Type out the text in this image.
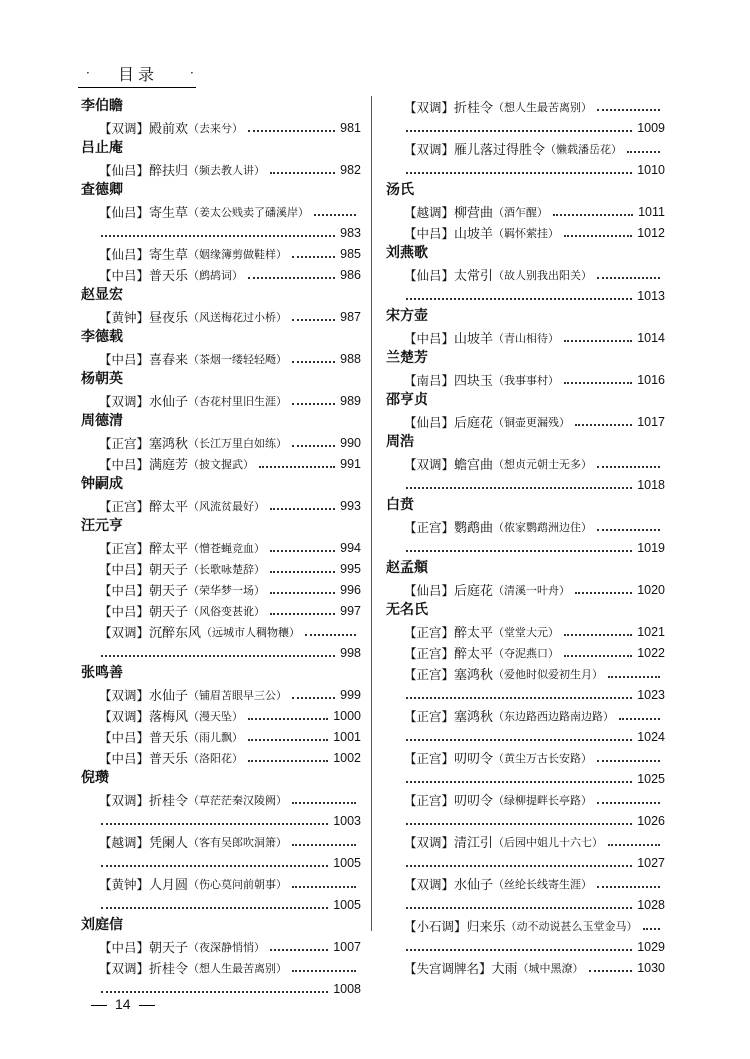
· 目录	·
李伯瞻
【双调】 殿前欢 （去来兮）	981
吕止庵
【仙吕】 醉扶归 （频去教人讲）	982
查德卿
【仙吕】 寄生草 （姜太公贱卖了磻溪岸）
983
【仙吕】 寄生草 （姻缘簿剪做鞋样）	985
【中吕】 普天乐 （鹧鸪词）	986
赵显宏
【黄钟】 昼夜乐 （风送梅花过小桥）	987
李德载
【中吕】 喜春来 （茶烟一缕轻轻飏）	988
杨朝英
【双调】 水仙子 （杏花村里旧生涯）	989
周德清
【正宫】 塞鸿秋 （长江万里白如练）	990
【中吕】 满庭芳 （披文握武）	991
钟嗣成
【正宫】 醉太平 （风流贫最好）	993
汪元亨
【正宫】 醉太平 （憎苍蝇竞血）	994
【中吕】 朝天子 （长歌咏楚辞）	995
【中吕】 朝天子 （荣华梦一场）	996
【中吕】 朝天子 （风俗变甚讹）	997
【双调】 沉醉东风 （远城市人稠物穰）
998
张鸣善
【双调】 水仙子 （铺眉苫眼早三公）	999
【双调】 落梅风 （漫天坠）	1000
【中吕】 普天乐 （雨儿飘）	1001
【中吕】 普天乐 （洛阳花）	1002
倪瓒
【双调】 折桂令 （草茫茫秦汉陵阙）
1003
【越调】 凭阑人 （客有吴郎吹洞箫）
1005
【黄钟】 人月圆 （伤心莫问前朝事）
1005
刘庭信
【中吕】 朝天子 （夜深静悄悄）	1007
【双调】 折桂令 （想人生最苦离别）
1008
【双调】 折桂令 （想人生最苦离别）
1009
【双调】 雁儿落过得胜令 （懒载潘岳花）
1010
汤氏
【越调】 柳营曲 （酒乍醒）	1011
【中吕】 山坡羊 （羁怀萦挂）	1012
刘燕歌
【仙吕】 太常引 （故人别我出阳关）
1013
宋方壶
【中吕】 山坡羊 （青山相待）	1014
兰楚芳
【南吕】 四块玉 （我事事村）	1016
邵亨贞
【仙吕】 后庭花 （铜壶更漏残）	1017
周浩
【双调】 蟾宫曲 （想贞元朝士无多）
1018
白贲
【正宫】 鹦鹉曲 （侬家鹦鹉洲边住）
1019
赵孟頫
【仙吕】 后庭花 （清溪一叶舟）	1020
无名氏
【正宫】 醉太平 （堂堂大元）	1021
【正宫】 醉太平 （夺泥燕口）	1022
【正宫】 塞鸿秋 （爱他时似爱初生月）
1023
【正宫】 塞鸿秋 （东边路西边路南边路）
1024
【正宫】 叨叨令 （黄尘万古长安路）
1025
【正宫】 叨叨令 （绿柳提畔长亭路）
1026
【双调】 清江引 （后园中姐儿十六七）
1027
【双调】 水仙子 （丝纶长线寄生涯）
1028
【小石调】 归来乐 （动不动说甚么玉堂金马）
1029
【失宫调牌名】 大雨 （城中黑潦）	1030
14
